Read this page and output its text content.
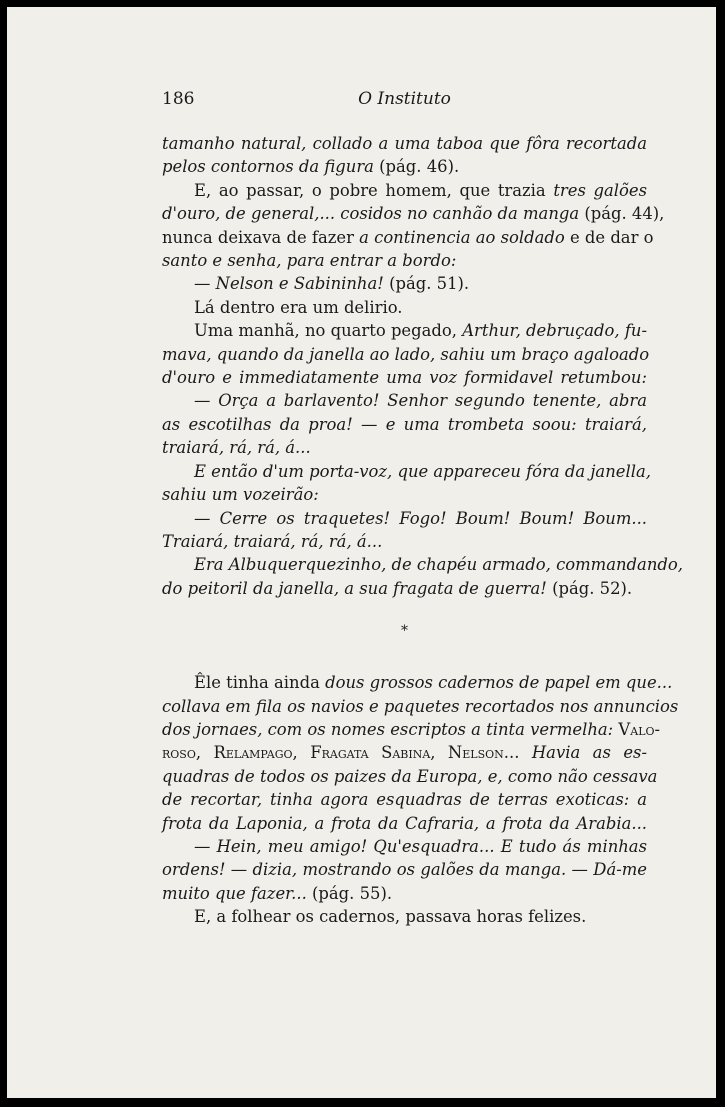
186	O Instituto
tamanho natural, collado a uma taboa que fôra recortada
pelos contornos da figura (pág. 46).
E, ao passar, o pobre homem, que trazia tres galões
d'ouro, de general,... cosidos no canhão da manga (pág. 44),
nunca deixava de fazer a continencia ao soldado e de dar o
santo e senha, para entrar a bordo:
— Nelson e Sabininha! (pág. 51).
Lá dentro era um delirio.
Uma manhã, no quarto pegado, Arthur, debruçado, fu-
mava, quando da janella ao lado, sahiu um braço agaloado
d'ouro e immediatamente uma voz formidavel retumbou:
— Orça a barlavento! Senhor segundo tenente, abra
as escotilhas da proa! — e uma trombeta soou: traiará,
traiará, rá, rá, á...
E então d'um porta-voz, que appareceu fóra da janella,
sahiu um vozeirão:
— Cerre os traquetes! Fogo! Boum! Boum! Boum...
Traiará, traiará, rá, rá, á...
Era Albuquerquezinho, de chapéu armado, commandando,
do peitoril da janella, a sua fragata de guerra! (pág. 52).
*
Êle tinha ainda dous grossos cadernos de papel em que...
collava em fila os navios e paquetes recortados nos annuncios
dos jornaes, com os nomes escriptos a tinta vermelha: Valo-
roso, Relampago, Fragata Sabina, Nelson... Havia as es-
quadras de todos os paizes da Europa, e, como não cessava
de recortar, tinha agora esquadras de terras exoticas: a
frota da Laponia, a frota da Cafraria, a frota da Arabia...
— Hein, meu amigo! Qu'esquadra... E tudo ás minhas
ordens! — dizia, mostrando os galões da manga. — Dá-me
muito que fazer... (pág. 55).
E, a folhear os cadernos, passava horas felizes.
